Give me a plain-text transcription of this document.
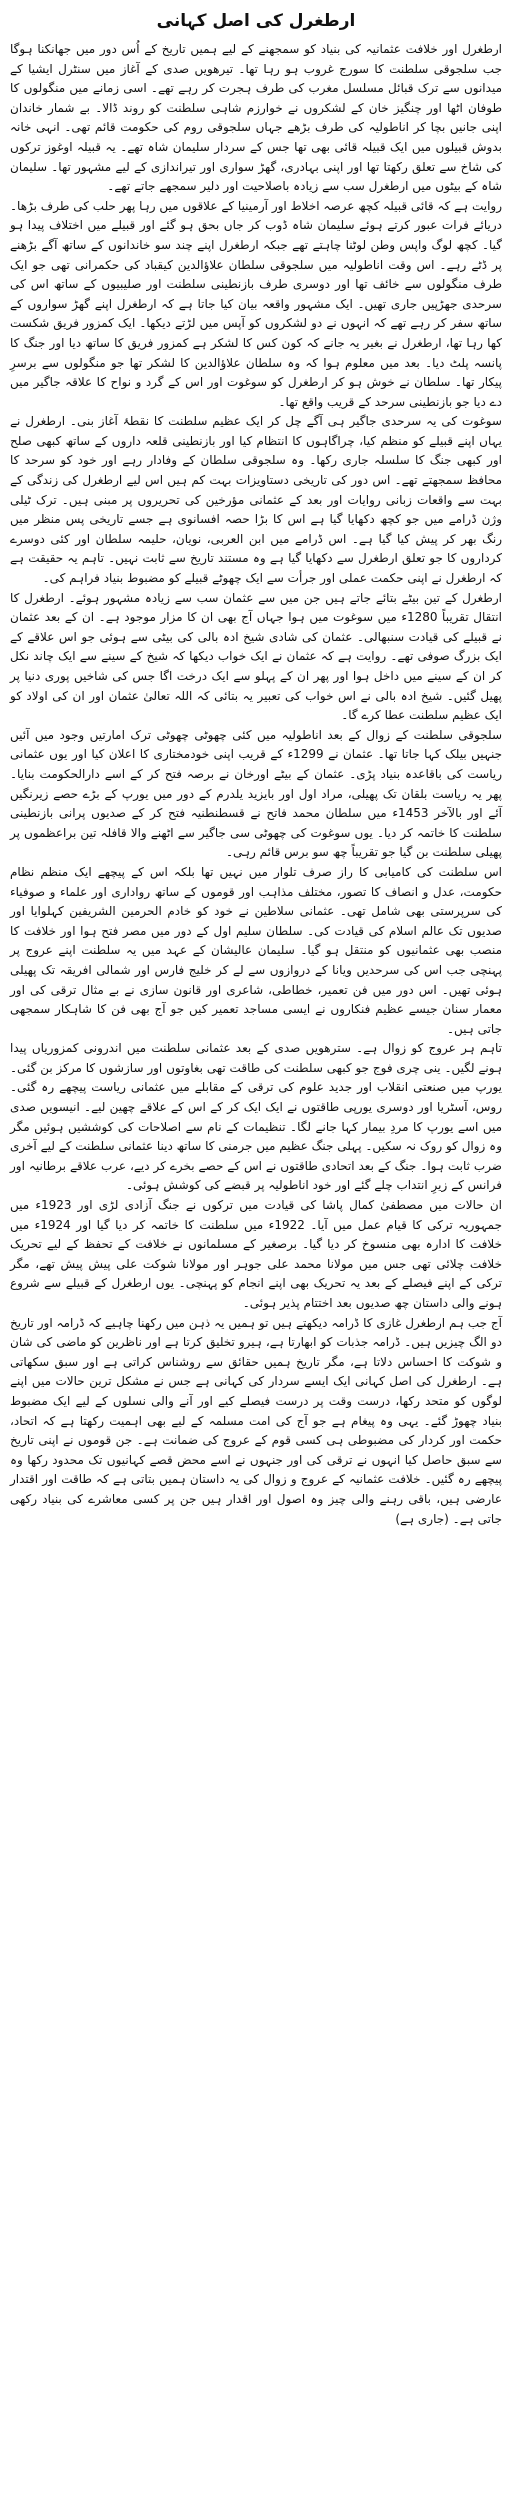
ارطغرل کی اصل کہانی

ارطغرل اور خلافت عثمانیہ کی بنیاد کو سمجھنے کے لیے ہمیں تاریخ کے اُس دور میں جھانکنا ہوگا جب سلجوقی سلطنت کا سورج غروب ہو رہا تھا۔ تیرھویں صدی کے آغاز میں سنٹرل ایشیا کے میدانوں سے ترک قبائل مسلسل مغرب کی طرف ہجرت کر رہے تھے۔ اسی زمانے میں منگولوں کا طوفان اٹھا اور چنگیز خان کے لشکروں نے خوارزم شاہی سلطنت کو روند ڈالا۔ بے شمار خاندان اپنی جانیں بچا کر اناطولیہ کی طرف بڑھے جہاں سلجوقی روم کی حکومت قائم تھی۔ انہی خانہ بدوش قبیلوں میں ایک قبیلہ قائی بھی تھا جس کے سردار سلیمان شاہ تھے۔ یہ قبیلہ اوغوز ترکوں کی شاخ سے تعلق رکھتا تھا اور اپنی بہادری، گھڑ سواری اور تیراندازی کے لیے مشہور تھا۔ سلیمان شاہ کے بیٹوں میں ارطغرل سب سے زیادہ باصلاحیت اور دلیر سمجھے جاتے تھے۔

روایت ہے کہ قائی قبیلہ کچھ عرصہ اخلاط اور آرمینیا کے علاقوں میں رہا پھر حلب کی طرف بڑھا۔ دریائے فرات عبور کرتے ہوئے سلیمان شاہ ڈوب کر جاں بحق ہو گئے اور قبیلے میں اختلاف پیدا ہو گیا۔ کچھ لوگ واپس وطن لوٹنا چاہتے تھے جبکہ ارطغرل اپنے چند سو خاندانوں کے ساتھ آگے بڑھنے پر ڈٹے رہے۔ اس وقت اناطولیہ میں سلجوقی سلطان علاؤالدین کیقباد کی حکمرانی تھی جو ایک طرف منگولوں سے خائف تھا اور دوسری طرف بازنطینی سلطنت اور صلیبیوں کے ساتھ اس کی سرحدی جھڑپیں جاری تھیں۔ ایک مشہور واقعہ بیان کیا جاتا ہے کہ ارطغرل اپنے گھڑ سواروں کے ساتھ سفر کر رہے تھے کہ انہوں نے دو لشکروں کو آپس میں لڑتے دیکھا۔ ایک کمزور فریق شکست کھا رہا تھا، ارطغرل نے بغیر یہ جانے کہ کون کس کا لشکر ہے کمزور فریق کا ساتھ دیا اور جنگ کا پانسہ پلٹ دیا۔ بعد میں معلوم ہوا کہ وہ سلطان علاؤالدین کا لشکر تھا جو منگولوں سے برسرِ پیکار تھا۔ سلطان نے خوش ہو کر ارطغرل کو سوغوت اور اس کے گرد و نواح کا علاقہ جاگیر میں دے دیا جو بازنطینی سرحد کے قریب واقع تھا۔

سوغوت کی یہ سرحدی جاگیر ہی آگے چل کر ایک عظیم سلطنت کا نقطۂ آغاز بنی۔ ارطغرل نے یہاں اپنے قبیلے کو منظم کیا، چراگاہوں کا انتظام کیا اور بازنطینی قلعہ داروں کے ساتھ کبھی صلح اور کبھی جنگ کا سلسلہ جاری رکھا۔ وہ سلجوقی سلطان کے وفادار رہے اور خود کو سرحد کا محافظ سمجھتے تھے۔ اس دور کی تاریخی دستاویزات بہت کم ہیں اس لیے ارطغرل کی زندگی کے بہت سے واقعات زبانی روایات اور بعد کے عثمانی مؤرخین کی تحریروں پر مبنی ہیں۔ ترک ٹیلی وژن ڈرامے میں جو کچھ دکھایا گیا ہے اس کا بڑا حصہ افسانوی ہے جسے تاریخی پس منظر میں رنگ بھر کر پیش کیا گیا ہے۔ اس ڈرامے میں ابن العربی، نویان، حلیمہ سلطان اور کئی دوسرے کرداروں کا جو تعلق ارطغرل سے دکھایا گیا ہے وہ مستند تاریخ سے ثابت نہیں۔ تاہم یہ حقیقت ہے کہ ارطغرل نے اپنی حکمت عملی اور جرأت سے ایک چھوٹے قبیلے کو مضبوط بنیاد فراہم کی۔

ارطغرل کے تین بیٹے بتائے جاتے ہیں جن میں سے عثمان سب سے زیادہ مشہور ہوئے۔ ارطغرل کا انتقال تقریباً 1280ء میں سوغوت میں ہوا جہاں آج بھی ان کا مزار موجود ہے۔ ان کے بعد عثمان نے قبیلے کی قیادت سنبھالی۔ عثمان کی شادی شیخ ادہ بالی کی بیٹی سے ہوئی جو اس علاقے کے ایک بزرگ صوفی تھے۔ روایت ہے کہ عثمان نے ایک خواب دیکھا کہ شیخ کے سینے سے ایک چاند نکل کر ان کے سینے میں داخل ہوا اور پھر ان کے پہلو سے ایک درخت اگا جس کی شاخیں پوری دنیا پر پھیل گئیں۔ شیخ ادہ بالی نے اس خواب کی تعبیر یہ بتائی کہ اللہ تعالیٰ عثمان اور ان کی اولاد کو ایک عظیم سلطنت عطا کرے گا۔

سلجوقی سلطنت کے زوال کے بعد اناطولیہ میں کئی چھوٹی چھوٹی ترک امارتیں وجود میں آئیں جنہیں بیلک کہا جاتا تھا۔ عثمان نے 1299ء کے قریب اپنی خودمختاری کا اعلان کیا اور یوں عثمانی ریاست کی باقاعدہ بنیاد پڑی۔ عثمان کے بیٹے اورخان نے برصہ فتح کر کے اسے دارالحکومت بنایا۔ پھر یہ ریاست بلقان تک پھیلی، مراد اول اور بایزید یلدرم کے دور میں یورپ کے بڑے حصے زیرنگیں آئے اور بالآخر 1453ء میں سلطان محمد فاتح نے قسطنطنیہ فتح کر کے صدیوں پرانی بازنطینی سلطنت کا خاتمہ کر دیا۔ یوں سوغوت کی چھوٹی سی جاگیر سے اٹھنے والا قافلہ تین براعظموں پر پھیلی سلطنت بن گیا جو تقریباً چھ سو برس قائم رہی۔

اس سلطنت کی کامیابی کا راز صرف تلوار میں نہیں تھا بلکہ اس کے پیچھے ایک منظم نظام حکومت، عدل و انصاف کا تصور، مختلف مذاہب اور قوموں کے ساتھ رواداری اور علماء و صوفیاء کی سرپرستی بھی شامل تھی۔ عثمانی سلاطین نے خود کو خادم الحرمین الشریفین کہلوایا اور صدیوں تک عالم اسلام کی قیادت کی۔ سلطان سلیم اول کے دور میں مصر فتح ہوا اور خلافت کا منصب بھی عثمانیوں کو منتقل ہو گیا۔ سلیمان عالیشان کے عہد میں یہ سلطنت اپنے عروج پر پہنچی جب اس کی سرحدیں ویانا کے دروازوں سے لے کر خلیج فارس اور شمالی افریقہ تک پھیلی ہوئی تھیں۔ اس دور میں فن تعمیر، خطاطی، شاعری اور قانون سازی نے بے مثال ترقی کی اور معمار سنان جیسے عظیم فنکاروں نے ایسی مساجد تعمیر کیں جو آج بھی فن کا شاہکار سمجھی جاتی ہیں۔

تاہم ہر عروج کو زوال ہے۔ سترھویں صدی کے بعد عثمانی سلطنت میں اندرونی کمزوریاں پیدا ہونے لگیں۔ ینی چری فوج جو کبھی سلطنت کی طاقت تھی بغاوتوں اور سازشوں کا مرکز بن گئی۔ یورپ میں صنعتی انقلاب اور جدید علوم کی ترقی کے مقابلے میں عثمانی ریاست پیچھے رہ گئی۔ روس، آسٹریا اور دوسری یورپی طاقتوں نے ایک ایک کر کے اس کے علاقے چھین لیے۔ انیسویں صدی میں اسے یورپ کا مردِ بیمار کہا جانے لگا۔ تنظیمات کے نام سے اصلاحات کی کوششیں ہوئیں مگر وہ زوال کو روک نہ سکیں۔ پہلی جنگ عظیم میں جرمنی کا ساتھ دینا عثمانی سلطنت کے لیے آخری ضرب ثابت ہوا۔ جنگ کے بعد اتحادی طاقتوں نے اس کے حصے بخرے کر دیے، عرب علاقے برطانیہ اور فرانس کے زیرِ انتداب چلے گئے اور خود اناطولیہ پر قبضے کی کوشش ہوئی۔

ان حالات میں مصطفیٰ کمال پاشا کی قیادت میں ترکوں نے جنگ آزادی لڑی اور 1923ء میں جمہوریہ ترکی کا قیام عمل میں آیا۔ 1922ء میں سلطنت کا خاتمہ کر دیا گیا اور 1924ء میں خلافت کا ادارہ بھی منسوخ کر دیا گیا۔ برصغیر کے مسلمانوں نے خلافت کے تحفظ کے لیے تحریک خلافت چلائی تھی جس میں مولانا محمد علی جوہر اور مولانا شوکت علی پیش پیش تھے، مگر ترکی کے اپنے فیصلے کے بعد یہ تحریک بھی اپنے انجام کو پہنچی۔ یوں ارطغرل کے قبیلے سے شروع ہونے والی داستان چھ صدیوں بعد اختتام پذیر ہوئی۔

آج جب ہم ارطغرل غازی کا ڈرامہ دیکھتے ہیں تو ہمیں یہ ذہن میں رکھنا چاہیے کہ ڈرامہ اور تاریخ دو الگ چیزیں ہیں۔ ڈرامہ جذبات کو ابھارتا ہے، ہیرو تخلیق کرتا ہے اور ناظرین کو ماضی کی شان و شوکت کا احساس دلاتا ہے، مگر تاریخ ہمیں حقائق سے روشناس کراتی ہے اور سبق سکھاتی ہے۔ ارطغرل کی اصل کہانی ایک ایسے سردار کی کہانی ہے جس نے مشکل ترین حالات میں اپنے لوگوں کو متحد رکھا، درست وقت پر درست فیصلے کیے اور آنے والی نسلوں کے لیے ایک مضبوط بنیاد چھوڑ گئے۔ یہی وہ پیغام ہے جو آج کی امت مسلمہ کے لیے بھی اہمیت رکھتا ہے کہ اتحاد، حکمت اور کردار کی مضبوطی ہی کسی قوم کے عروج کی ضمانت ہے۔ جن قوموں نے اپنی تاریخ سے سبق حاصل کیا انہوں نے ترقی کی اور جنہوں نے اسے محض قصے کہانیوں تک محدود رکھا وہ پیچھے رہ گئیں۔ خلافت عثمانیہ کے عروج و زوال کی یہ داستان ہمیں بتاتی ہے کہ طاقت اور اقتدار عارضی ہیں، باقی رہنے والی چیز وہ اصول اور اقدار ہیں جن پر کسی معاشرے کی بنیاد رکھی جاتی ہے۔ (جاری ہے)
